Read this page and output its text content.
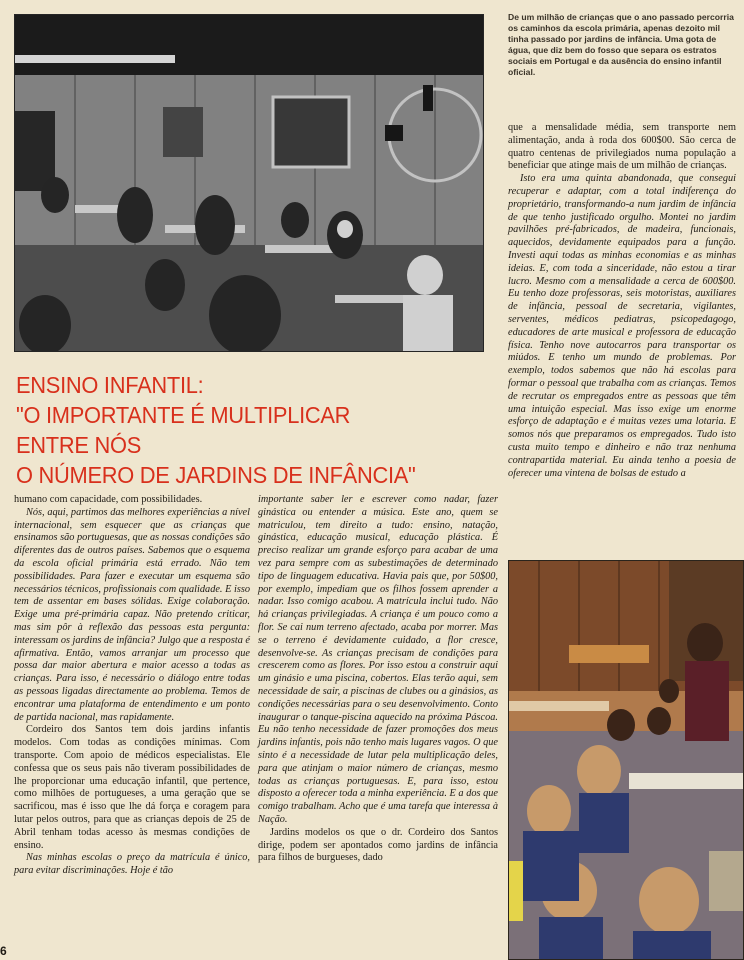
De um milhão de crianças que o ano passado percorria os caminhos da escola primária, apenas dezoito mil tinha passado por jardins de infância. Uma gota de água, que diz bem do fosso que separa os estratos sociais em Portugal e da ausência do ensino infantil oficial.
ENSINO INFANTIL:
"O IMPORTANTE É MULTIPLICAR
ENTRE NÓS
O NÚMERO DE JARDINS DE INFÂNCIA"

humano com capacidade, com possibilidades.

Nós, aqui, partimos das melhores experiências a nível internacional, sem esquecer que as crianças que ensinamos são portuguesas, que as nossas condições são diferentes das de outros países. Sabemos que o esquema da escola oficial primária está errado. Não tem possibilidades. Para fazer e executar um esquema são necessários técnicos, profissionais com qualidade. E isso tem de assentar em bases sólidas. Exige colaboração. Exige uma pré-primária capaz. Não pretendo criticar, mas sim pôr à reflexão das pessoas esta pergunta: interessam os jardins de infância? Julgo que a resposta é afirmativa. Então, vamos arranjar um processo que possa dar maior abertura e maior acesso a todas as crianças. Para isso, é necessário o diálogo entre todas as pessoas ligadas directamente ao problema. Temos de encontrar uma plataforma de entendimento e um ponto de partida nacional, mas rapidamente.

Cordeiro dos Santos tem dois jardins infantis modelos. Com todas as condições mínimas. Com transporte. Com apoio de médicos especialistas. Ele confessa que os seus pais não tiveram possibilidades de lhe proporcionar uma educação infantil, que pertence, como milhões de portugueses, a uma geração que se sacrificou, mas é isso que lhe dá força e coragem para lutar pelos outros, para que as crianças depois de 25 de Abril tenham todas acesso às mesmas condições de ensino.

Nas minhas escolas o preço da matrícula é único, para evitar discriminações. Hoje é tão

importante saber ler e escrever como nadar, fazer ginástica ou entender a música. Este ano, quem se matriculou, tem direito a tudo: ensino, natação, ginástica, educação musical, educação plástica. É preciso realizar um grande esforço para acabar de uma vez para sempre com as subestimações de determinado tipo de linguagem educativa. Havia pais que, por 50$00, por exemplo, impediam que os filhos fossem aprender a nadar. Isso comigo acabou. A matrícula inclui tudo. Não há crianças privilegiadas. A criança é um pouco como a flor. Se cai num terreno afectado, acaba por morrer. Mas se o terreno é devidamente cuidado, a flor cresce, desenvolve-se. As crianças precisam de condições para crescerem como as flores. Por isso estou a construir aqui um ginásio e uma piscina, cobertos. Elas terão aqui, sem necessidade de sair, a piscinas de clubes ou a ginásios, as condições necessárias para o seu desenvolvimento. Conto inaugurar o tanque-piscina aquecido na próxima Páscoa. Eu não tenho necessidade de fazer promoções dos meus jardins infantis, pois não tenho mais lugares vagos. O que sinto é a necessidade de lutar pela multiplicação deles, para que atinjam o maior número de crianças, mesmo todas as crianças portuguesas. E, para isso, estou disposto a oferecer toda a minha experiência. E a dos que comigo trabalham. Acho que é uma tarefa que interessa à Nação.

Jardins modelos os que o dr. Cordeiro dos Santos dirige, podem ser apontados como jardins de infância para filhos de burgueses, dado

que a mensalidade média, sem transporte nem alimentação, anda à roda dos 600$00. São cerca de quatro centenas de privilegiados numa população a beneficiar que atinge mais de um milhão de crianças.

Isto era uma quinta abandonada, que consegui recuperar e adaptar, com a total indiferença do proprietário, transformando-a num jardim de infância de que tenho justificado orgulho. Montei no jardim pavilhões pré-fabricados, de madeira, funcionais, aquecidos, devidamente equipados para a função. Investi aqui todas as minhas economias e as minhas ideias. E, com toda a sinceridade, não estou a tirar lucro. Mesmo com a mensalidade a cerca de 600$00. Eu tenho doze professoras, seis motoristas, auxiliares de infância, pessoal de secretaria, vigilantes, serventes, médicos pediatras, psicopedagogo, educadores de arte musical e professora de educação física. Tenho nove autocarros para transportar os miúdos. E tenho um mundo de problemas. Por exemplo, todos sabemos que não há escolas para formar o pessoal que trabalha com as crianças. Temos de recrutar os empregados entre as pessoas que têm uma intuição especial. Mas isso exige um enorme esforço de adaptação e é muitas vezes uma lotaria. E somos nós que preparamos os empregados. Tudo isto custa muito tempo e dinheiro e não traz nenhuma contrapartida material. Eu ainda tenho a poesia de oferecer uma vintena de bolsas de estudo a

6
